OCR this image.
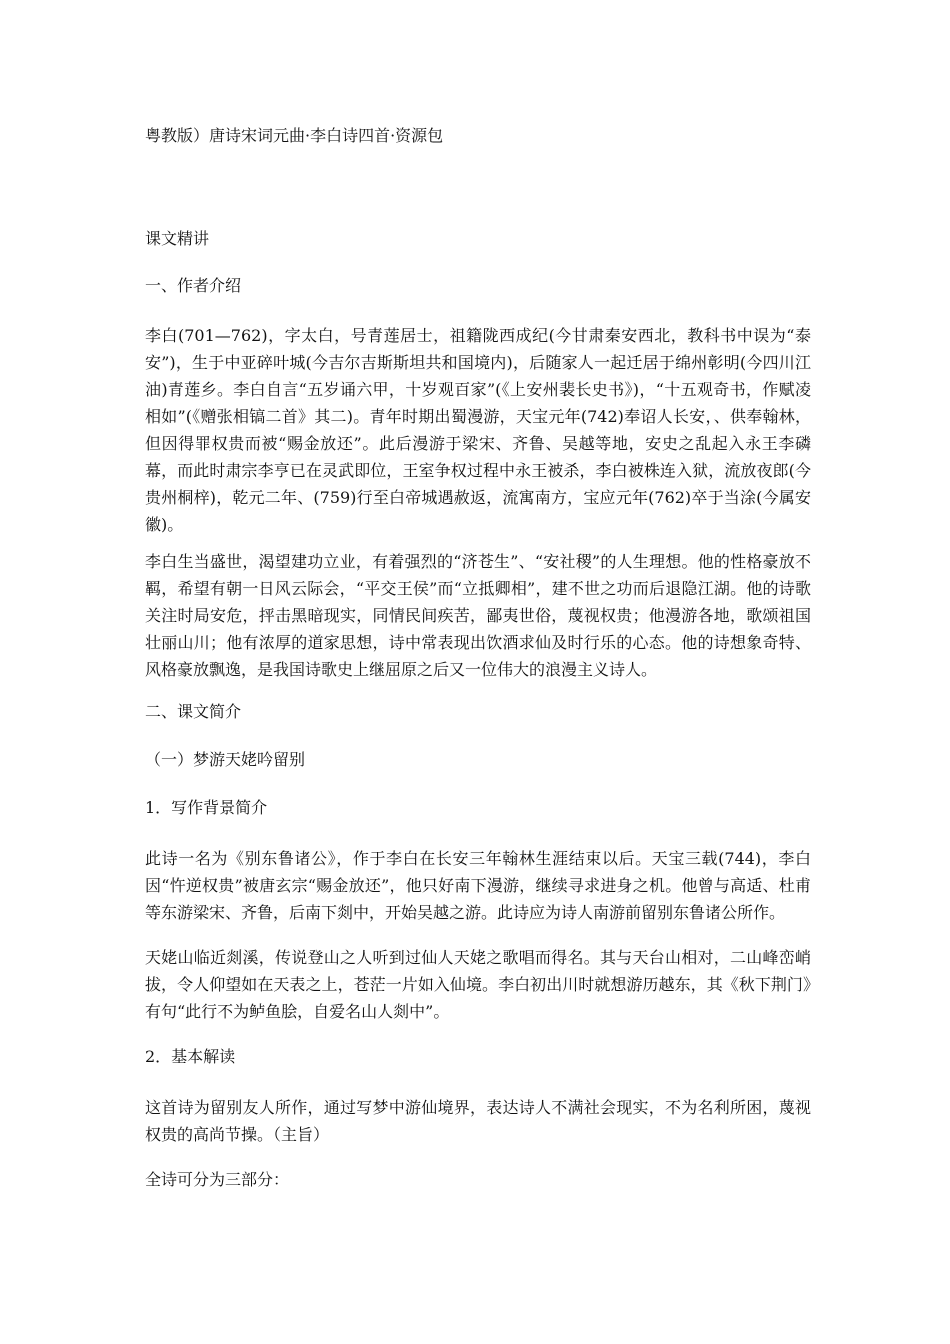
粤教版）唐诗宋词元曲·李白诗四首·资源包
课文精讲
一、作者介绍
李白(701—762)，字太白，号青莲居士，祖籍陇西成纪(今甘肃秦安西北，教科书中误为“泰安”)，生于中亚碎叶城(今吉尔吉斯斯坦共和国境内)，后随家人一起迁居于绵州彰明(今四川江油)青莲乡。李白自言“五岁诵六甲，十岁观百家”(《上安州裴长史书》)，“十五观奇书，作赋凌相如”(《赠张相镐二首》其二)。青年时期出蜀漫游，天宝元年(742)奉诏人长安，、供奉翰林，但因得罪权贵而被“赐金放还”。此后漫游于梁宋、齐鲁、吴越等地，安史之乱起入永王李磷幕，而此时肃宗李亨已在灵武即位，王室争权过程中永王被杀，李白被株连入狱，流放夜郎(今贵州桐梓)，乾元二年、(759)行至白帝城遇赦返，流寓南方，宝应元年(762)卒于当涂(今属安徽)。
李白生当盛世，渴望建功立业，有着强烈的“济苍生”、“安社稷”的人生理想。他的性格豪放不羁，希望有朝一日风云际会，“平交王侯”而“立抵卿相”，建不世之功而后退隐江湖。他的诗歌关注时局安危，抨击黑暗现实，同情民间疾苦，鄙夷世俗，蔑视权贵；他漫游各地，歌颂祖国壮丽山川；他有浓厚的道家思想，诗中常表现出饮酒求仙及时行乐的心态。他的诗想象奇特、风格豪放飘逸，是我国诗歌史上继屈原之后又一位伟大的浪漫主义诗人。
二、课文简介
（一）梦游天姥吟留别
1．写作背景简介
此诗一名为《别东鲁诸公》，作于李白在长安三年翰林生涯结束以后。天宝三载(744)，李白因“忤逆权贵”被唐玄宗“赐金放还”，他只好南下漫游，继续寻求进身之机。他曾与高适、杜甫等东游梁宋、齐鲁，后南下剡中，开始吴越之游。此诗应为诗人南游前留别东鲁诸公所作。
天姥山临近剡溪，传说登山之人听到过仙人天姥之歌唱而得名。其与天台山相对，二山峰峦峭拔，令人仰望如在天表之上，苍茫一片如入仙境。李白初出川时就想游历越东，其《秋下荆门》有句“此行不为鲈鱼脍，自爱名山人剡中”。
2．基本解读
这首诗为留别友人所作，通过写梦中游仙境界，表达诗人不满社会现实，不为名利所困，蔑视权贵的高尚节操。（主旨）
全诗可分为三部分：
